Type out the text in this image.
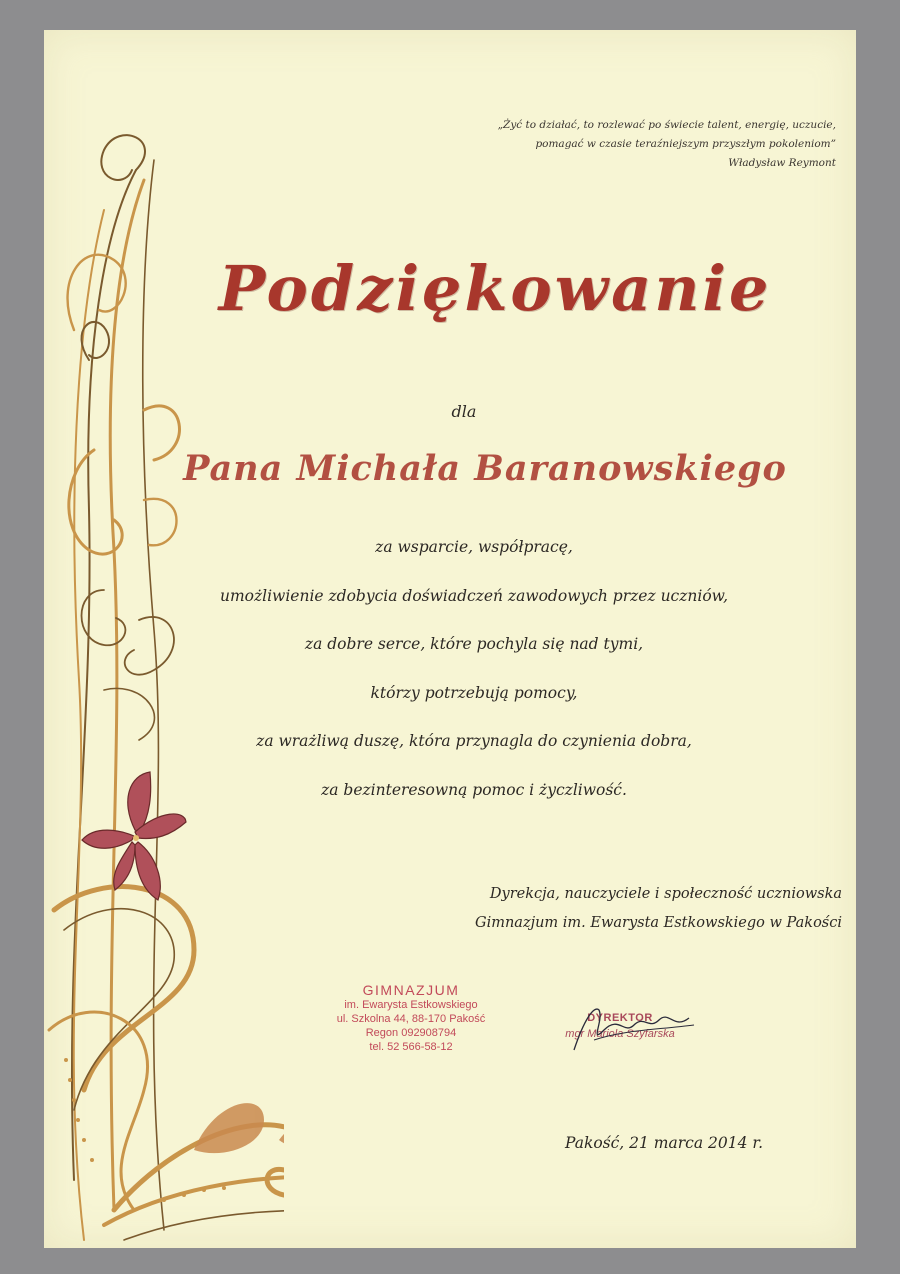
„Żyć to działać, to rozlewać po świecie talent, energię, uczucie,
pomagać w czasie teraźniejszym przyszłym pokoleniom”
Władysław Reymont
Podziękowanie
dla
Pana Michała Baranowskiego
za wsparcie, współpracę,
umożliwienie zdobycia doświadczeń zawodowych przez uczniów,
za dobre serce, które pochyla się nad tymi,
którzy potrzebują pomocy,
za wrażliwą duszę, która przynagla do czynienia dobra,
za bezinteresowną pomoc i życzliwość.
Dyrekcja, nauczyciele i społeczność uczniowska
Gimnazjum im. Ewarysta Estkowskiego w Pakości
GIMNAZJUM
im. Ewarysta Estkowskiego
ul. Szkolna 44, 88-170 Pakość
Regon 092908794
tel. 52 566-58-12
DYREKTOR
mgr Mariola Szyfarska
Pakość, 21 marca 2014 r.
